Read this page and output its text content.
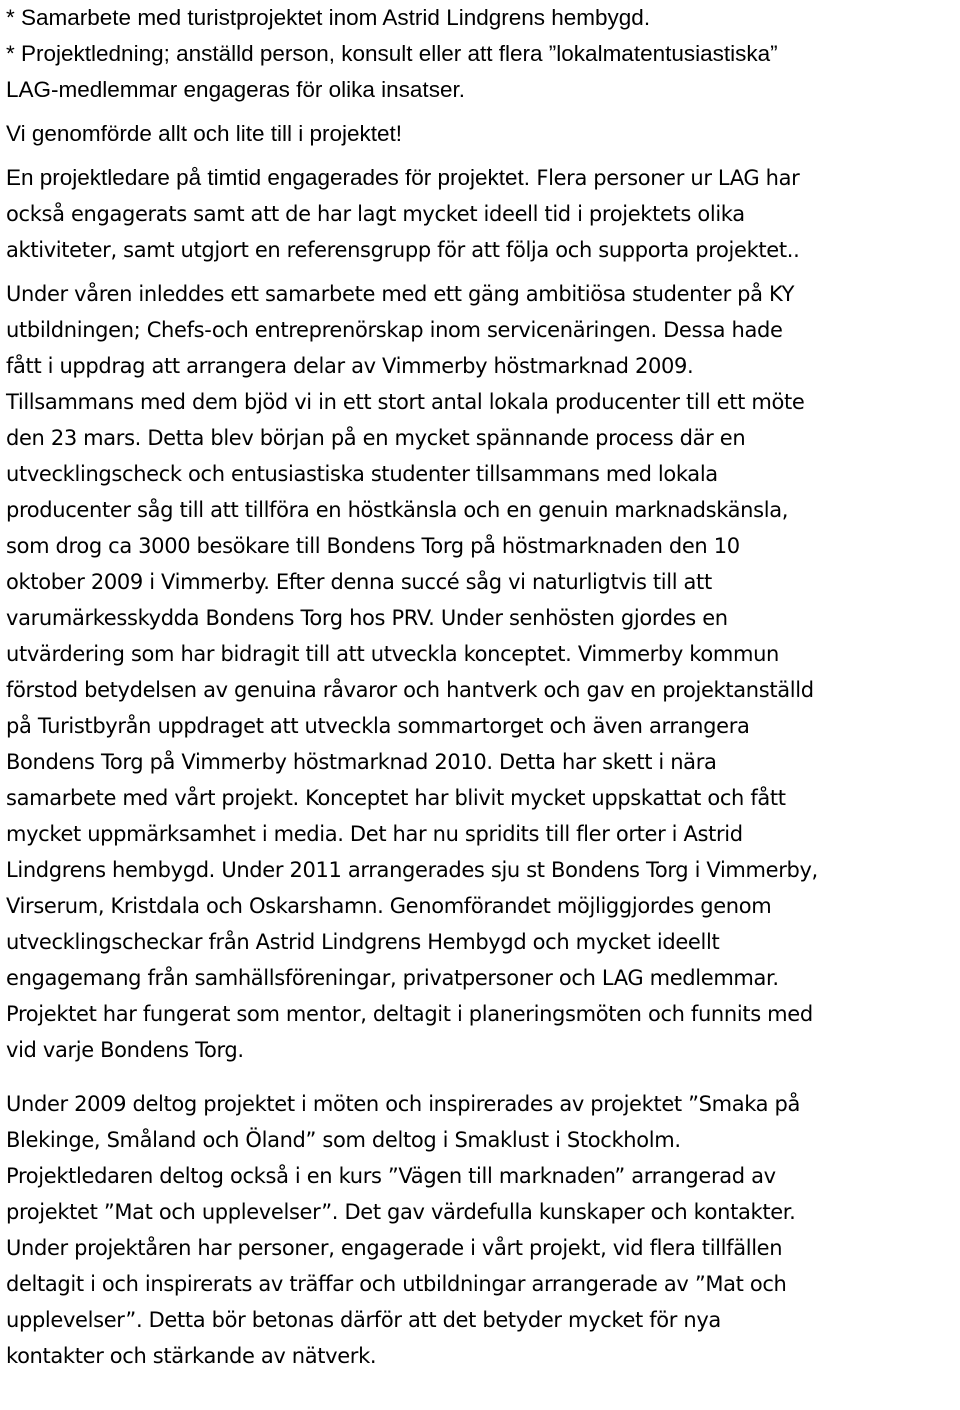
* Samarbete med turistprojektet inom Astrid Lindgrens hembygd.
* Projektledning; anställd person, konsult eller att flera ”lokalmatentusiastiska”
LAG-medlemmar engageras för olika insatser.
Vi genomförde allt och lite till i projektet!
En projektledare på timtid engagerades för projektet. Flera personer ur LAG har
också engagerats samt att de har lagt mycket ideell tid i projektets olika
aktiviteter, samt utgjort en referensgrupp för att följa och supporta projektet..
Under våren inleddes ett samarbete med ett gäng ambitiösa studenter på KY
utbildningen; Chefs-och entreprenörskap inom servicenäringen. Dessa hade
fått i uppdrag att arrangera delar av Vimmerby höstmarknad 2009.
Tillsammans med dem bjöd vi in ett stort antal lokala producenter till ett möte
den 23 mars. Detta blev början på en mycket spännande process där en
utvecklingscheck och entusiastiska studenter tillsammans med lokala
producenter såg till att tillföra en höstkänsla och en genuin marknadskänsla,
som drog ca 3000 besökare till Bondens Torg på höstmarknaden den 10
oktober 2009 i Vimmerby. Efter denna succé såg vi naturligtvis till att
varumärkesskydda Bondens Torg hos PRV. Under senhösten gjordes en
utvärdering som har bidragit till att utveckla konceptet. Vimmerby kommun
förstod betydelsen av genuina råvaror och hantverk och gav en projektanställd
på Turistbyrån uppdraget att utveckla sommartorget och även arrangera
Bondens Torg på Vimmerby höstmarknad 2010. Detta har skett i nära
samarbete med vårt projekt. Konceptet har blivit mycket uppskattat och fått
mycket uppmärksamhet i media. Det har nu spridits till fler orter i Astrid
Lindgrens hembygd. Under 2011 arrangerades sju st Bondens Torg i Vimmerby,
Virserum, Kristdala och Oskarshamn. Genomförandet möjliggjordes genom
utvecklingscheckar från Astrid Lindgrens Hembygd och mycket ideellt
engagemang från samhällsföreningar, privatpersoner och LAG medlemmar.
Projektet har fungerat som mentor, deltagit i planeringsmöten och funnits med
vid varje Bondens Torg.
Under 2009 deltog projektet i möten och inspirerades av projektet ”Smaka på
Blekinge, Småland och Öland” som deltog i Smaklust i Stockholm.
Projektledaren deltog också i en kurs ”Vägen till marknaden” arrangerad av
projektet ”Mat och upplevelser”. Det gav värdefulla kunskaper och kontakter.
Under projektåren har personer, engagerade i vårt projekt, vid flera tillfällen
deltagit i och inspirerats av träffar och utbildningar arrangerade av ”Mat och
upplevelser”. Detta bör betonas därför att det betyder mycket för nya
kontakter och stärkande av nätverk.
